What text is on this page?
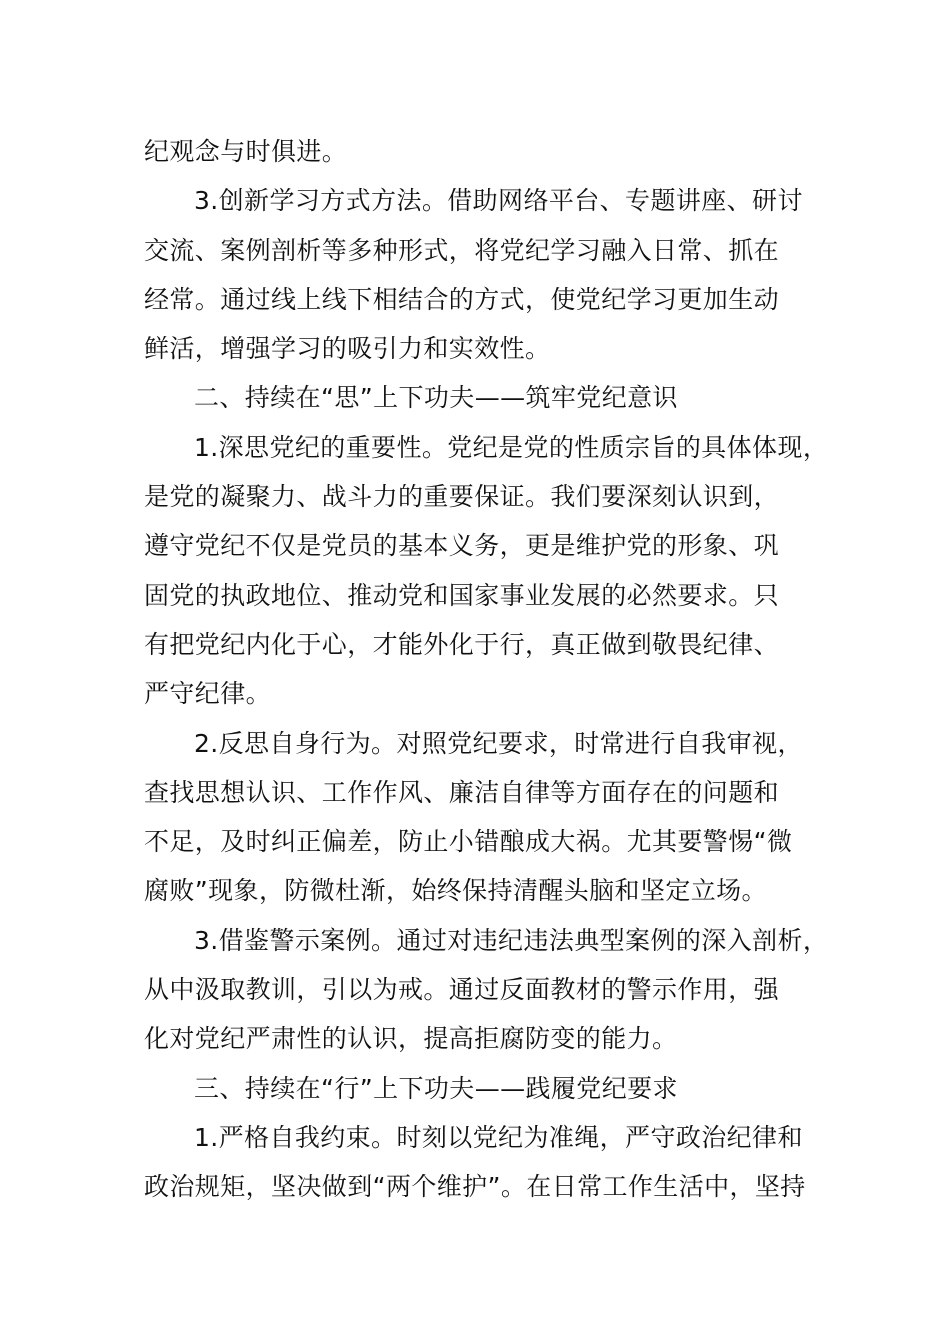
纪观念与时俱进。
3.创新学习方式方法。借助网络平台、专题讲座、研讨
交流、案例剖析等多种形式，将党纪学习融入日常、抓在
经常。通过线上线下相结合的方式，使党纪学习更加生动
鲜活，增强学习的吸引力和实效性。
二、持续在“思”上下功夫——筑牢党纪意识
1.深思党纪的重要性。党纪是党的性质宗旨的具体体现，
是党的凝聚力、战斗力的重要保证。我们要深刻认识到，
遵守党纪不仅是党员的基本义务，更是维护党的形象、巩
固党的执政地位、推动党和国家事业发展的必然要求。只
有把党纪内化于心，才能外化于行，真正做到敬畏纪律、
严守纪律。
2.反思自身行为。对照党纪要求，时常进行自我审视，
查找思想认识、工作作风、廉洁自律等方面存在的问题和
不足，及时纠正偏差，防止小错酿成大祸。尤其要警惕“微
腐败”现象，防微杜渐，始终保持清醒头脑和坚定立场。
3.借鉴警示案例。通过对违纪违法典型案例的深入剖析，
从中汲取教训，引以为戒。通过反面教材的警示作用，强
化对党纪严肃性的认识，提高拒腐防变的能力。
三、持续在“行”上下功夫——践履党纪要求
1.严格自我约束。时刻以党纪为准绳，严守政治纪律和
政治规矩，坚决做到“两个维护”。在日常工作生活中，坚持
